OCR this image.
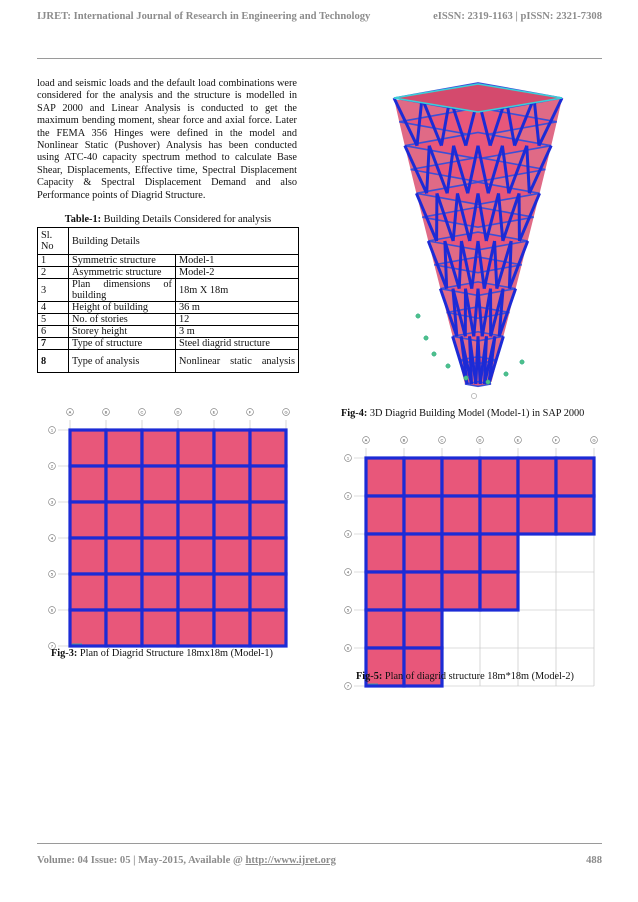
IJRET: International Journal of Research in Engineering and Technology	eISSN: 2319-1163 | pISSN: 2321-7308

load and seismic loads and the default load combinations were considered for the analysis and the structure is modelled in SAP 2000 and Linear Analysis is conducted to get the maximum bending moment, shear force and axial force. Later the FEMA 356 Hinges were defined in the model and Nonlinear Static (Pushover) Analysis has been conducted using ATC-40 capacity spectrum method to calculate Base Shear, Displacements, Effective time, Spectral Displacement Capacity & Spectral Displacement Demand and also Performance points of Diagrid Structure.

Table-1: Building Details Considered for analysis
Sl. No	Building Details	
1	Symmetric structure	Model-1
2	Asymmetric structure	Model-2
3	Plan dimensions of building	18m X 18m
4	Height of building	36 m
5	No. of stories	12
6	Storey height	3 m
7	Type of structure	Steel diagrid structure
8	Type of analysis	Nonlinear static analysis
Fig-4: 3D Diagrid Building Model (Model-1) in SAP 2000
A
1
B
2
C
3
D
4
E
5
F
6
G
7
Fig-3: Plan of Diagrid Structure 18mx18m (Model-1)
A
1
B
2
C
3
D
4
E
5
F
6
G
7
Fig-5: Plan of diagrid structure 18m*18m (Model-2)
Volume: 04 Issue: 05 | May-2015, Available @ http://www.ijret.org	488
